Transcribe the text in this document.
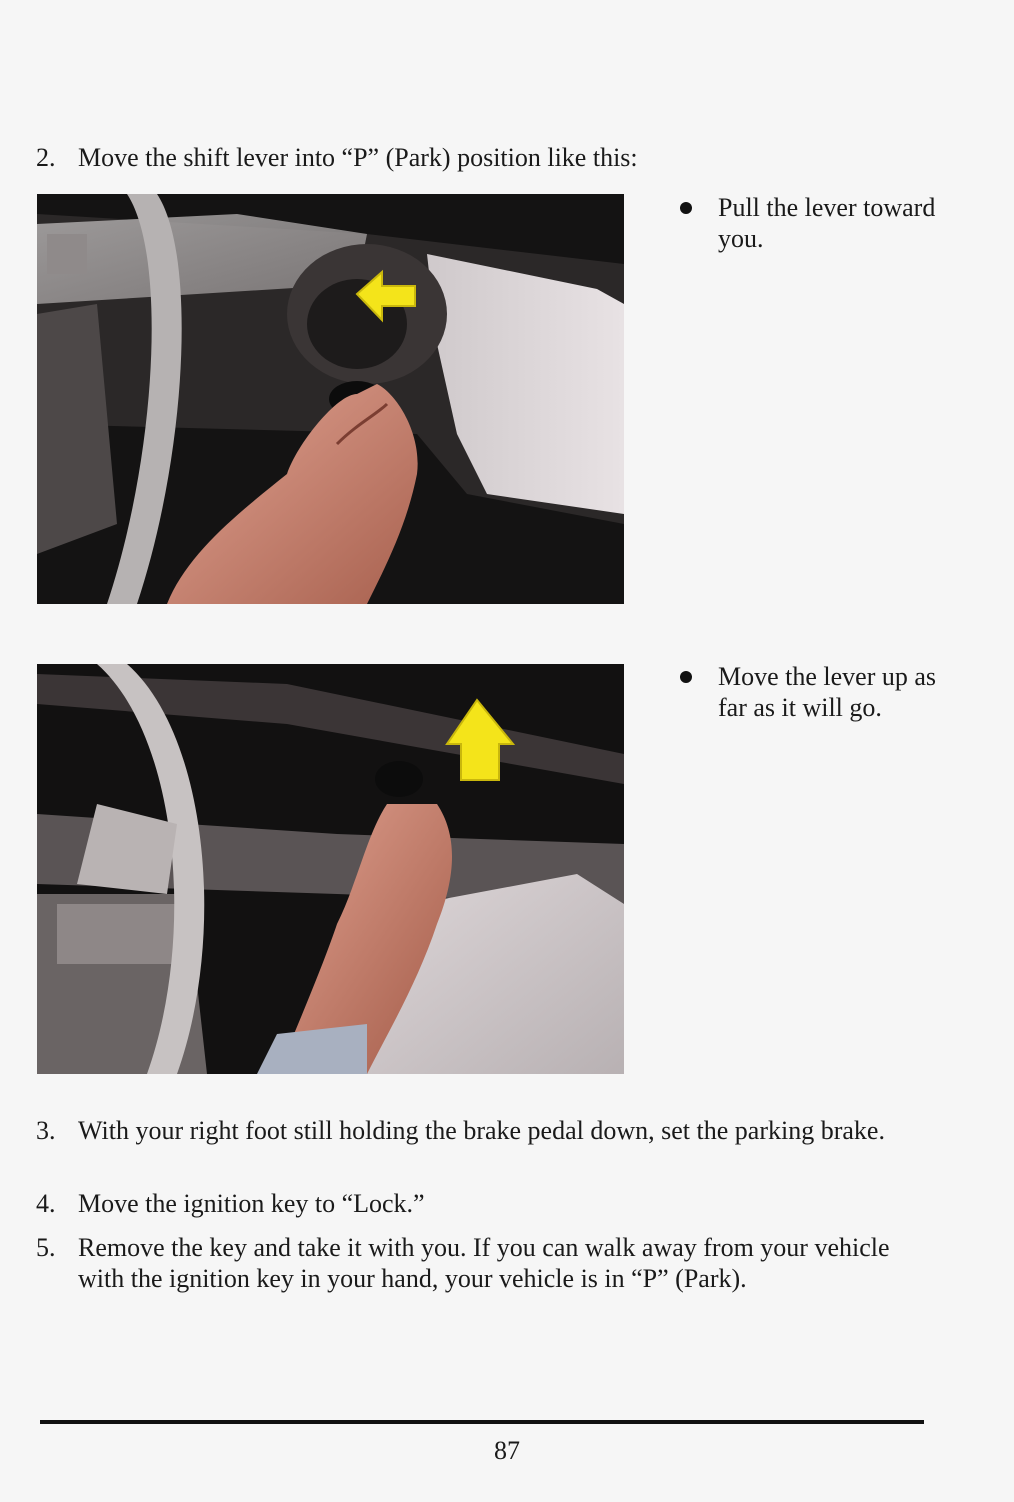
2. Move the shift lever into “P” (Park) position like this:
Pull the lever toward you.
Move the lever up as far as it will go.
3. With your right foot still holding the brake pedal down, set the parking brake.
4. Move the ignition key to “Lock.”
5. Remove the key and take it with you. If you can walk away from your vehicle with the ignition key in your hand, your vehicle is in “P” (Park).
87
